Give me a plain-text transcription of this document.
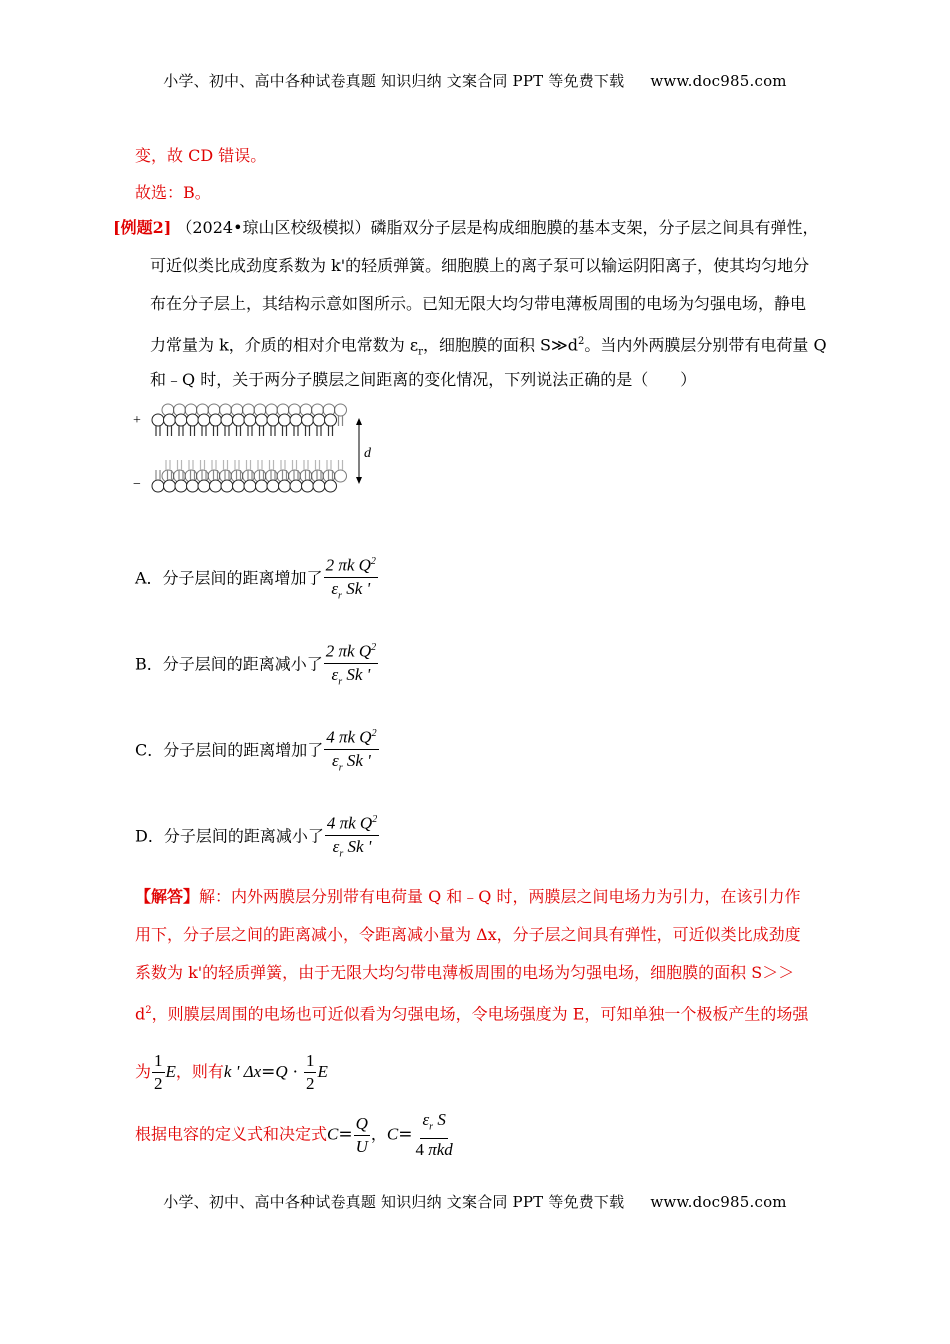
小学、初中、高中各种试卷真题 知识归纳 文案合同 PPT 等免费下载 www.doc985.com
变，故 CD 错误。
故选：B。
[例题2] （2024•琼山区校级模拟）磷脂双分子层是构成细胞膜的基本支架，分子层之间具有弹性，
可近似类比成劲度系数为 k'的轻质弹簧。细胞膜上的离子泵可以输运阴阳离子，使其均匀地分
布在分子层上，其结构示意如图所示。已知无限大均匀带电薄板周围的电场为匀强电场，静电
力常量为 k，介质的相对介电常数为 $\varepsilon_r$，细胞膜的面积 $S≫d^2$。当内外两膜层分别带有电荷量 Q
和﹣Q 时，关于两分子膜层之间距离的变化情况，下列说法正确的是（　　）
+
−
d
A．分子层间的距离增加了 $\frac{2 \pi k Q^2}{\varepsilon_r Sk '}$
B．分子层间的距离减小了 $\frac{2 \pi k Q^2}{\varepsilon_r Sk '}$
C．分子层间的距离增加了 $\frac{4 \pi k Q^2}{\varepsilon_r Sk '}$
D．分子层间的距离减小了 $\frac{4 \pi k Q^2}{\varepsilon_r Sk '}$
【解答】解：内外两膜层分别带有电荷量 Q 和﹣Q 时，两膜层之间电场力为引力，在该引力作
用下，分子层之间的距离减小，令距离减小量为 Δx，分子层之间具有弹性，可近似类比成劲度
系数为 k'的轻质弹簧，由于无限大均匀带电薄板周围的电场为匀强电场，细胞膜的面积 S＞＞
$d^2$，则膜层周围的电场也可近似看为匀强电场，令电场强度为 E，可知单独一个极板产生的场强
为 $\frac{1}{2}$ E，则有k ' $\Delta x=Q \cdot \frac{1}{2}$ E
根据电容的定义式和决定式$C= \frac{Q}{U}$ ，$C= \frac{\varepsilon_r S}{\text{4 πkd}}$
小学、初中、高中各种试卷真题 知识归纳 文案合同 PPT 等免费下载 www.doc985.com
